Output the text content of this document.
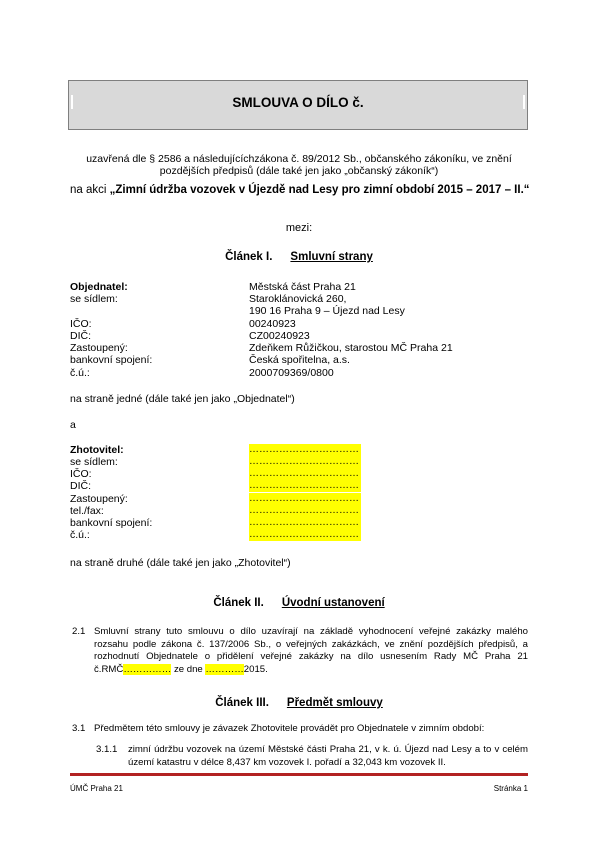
SMLOUVA O DÍLO č.
uzavřená dle § 2586 a následujícíchzákona č. 89/2012 Sb., občanského zákoníku, ve znění pozdějších předpisů (dále také jen jako „občanský zákoník“)
na akci „Zimní údržba vozovek v Újezdě nad Lesy pro zimní období 2015 – 2017 – II.“
mezi:
Článek I. Smluvní strany
Objednatel:	Městská část Praha 21
se sídlem:	Staroklánovická 260,
190 16 Praha 9 – Újezd nad Lesy
IČO:	00240923
DIČ:	CZ00240923
Zastoupený:	Zdeňkem Růžičkou, starostou MČ Praha 21
bankovní spojení:	Česká spořitelna, a.s.
č.ú.:	2000709369/0800
na straně jedné (dále také jen jako „Objednatel“)
a
Zhotovitel:	……………………………
se sídlem:	……………………………
IČO:	……………………………
DIČ:	……………………………
Zastoupený:	……………………………
tel./fax:	……………………………
bankovní spojení:	……………………………
č.ú.:	……………………………
na straně druhé (dále také jen jako „Zhotovitel“)
Článek II. Úvodní ustanovení
2.1 Smluvní strany tuto smlouvu o dílo uzavírají na základě vyhodnocení veřejné zakázky malého rozsahu podle zákona č. 137/2006 Sb., o veřejných zakázkách, ve znění pozdějších předpisů, a rozhodnutí Objednatele o přidělení veřejné zakázky na dílo usnesením Rady MČ Praha 21 č.RMČ…………… ze dne …………2015.
Článek III. Předmět smlouvy
3.1 Předmětem této smlouvy je závazek Zhotovitele provádět pro Objednatele v zimním období:
3.1.1 zimní údržbu vozovek na území Městské části Praha 21, v k. ú. Újezd nad Lesy a to v celém území katastru v délce 8,437 km vozovek I. pořadí a 32,043 km vozovek II.
ÚMČ Praha 21	Stránka 1
